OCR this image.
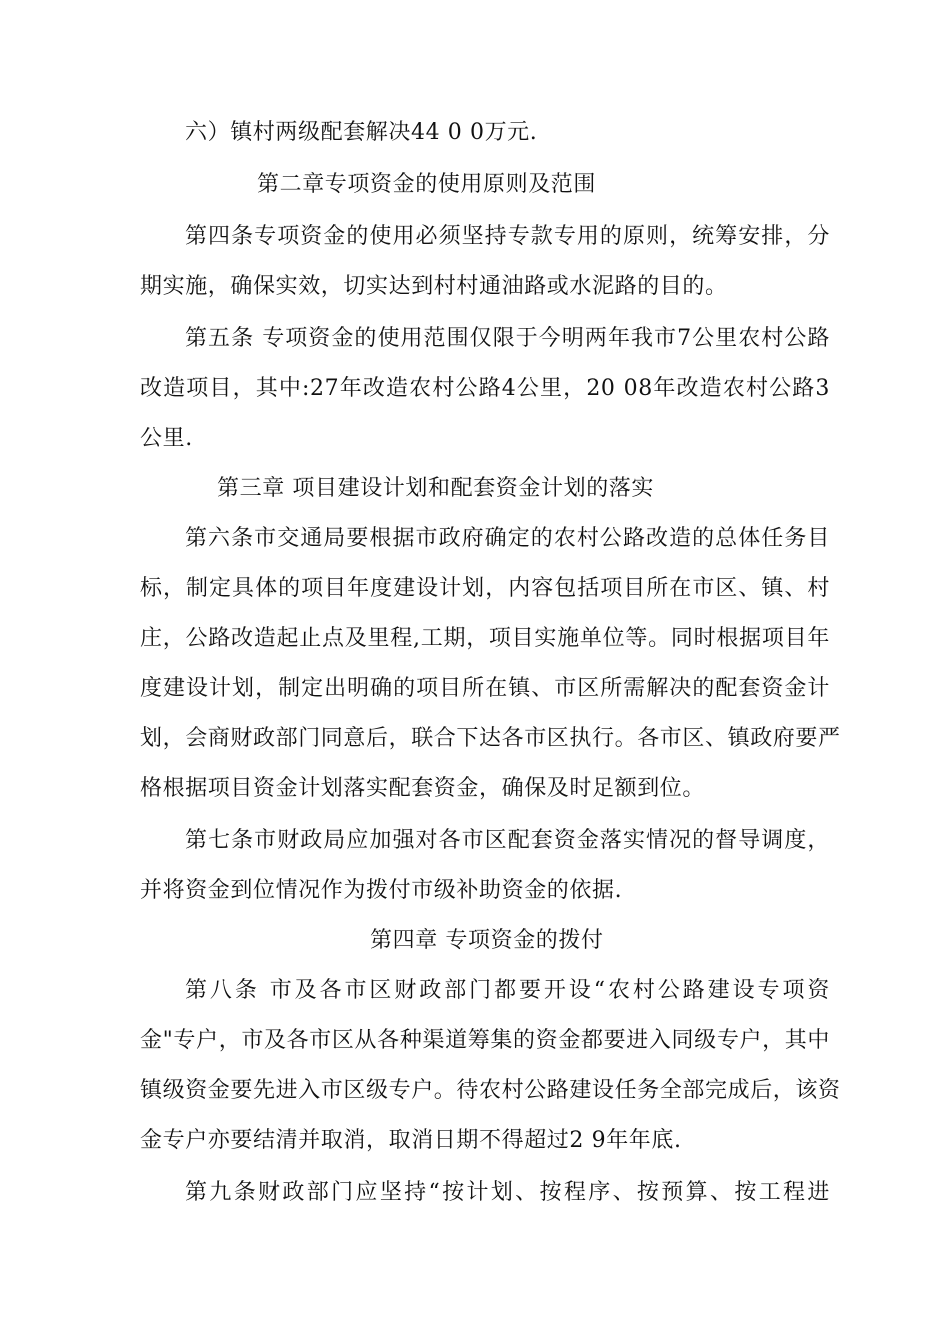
六）镇村两级配套解决44 0 0万元.
第二章专项资金的使用原则及范围
第四条专项资金的使用必须坚持专款专用的原则，统筹安排，分
期实施，确保实效，切实达到村村通油路或水泥路的目的。
第五条 专项资金的使用范围仅限于今明两年我市7公里农村公路
改造项目，其中:27年改造农村公路4公里，20 08年改造农村公路3
公里.
第三章 项目建设计划和配套资金计划的落实
第六条市交通局要根据市政府确定的农村公路改造的总体任务目
标，制定具体的项目年度建设计划，内容包括项目所在市区、镇、村
庄，公路改造起止点及里程,工期，项目实施单位等。同时根据项目年
度建设计划，制定出明确的项目所在镇、市区所需解决的配套资金计
划，会商财政部门同意后，联合下达各市区执行。各市区、镇政府要严
格根据项目资金计划落实配套资金，确保及时足额到位。
第七条市财政局应加强对各市区配套资金落实情况的督导调度，
并将资金到位情况作为拨付市级补助资金的依据.
第四章 专项资金的拨付
第八条 市及各市区财政部门都要开设“农村公路建设专项资
金"专户，市及各市区从各种渠道筹集的资金都要进入同级专户，其中
镇级资金要先进入市区级专户。待农村公路建设任务全部完成后，该资
金专户亦要结清并取消，取消日期不得超过2 9年年底.
第九条财政部门应坚持“按计划、按程序、按预算、按工程进
